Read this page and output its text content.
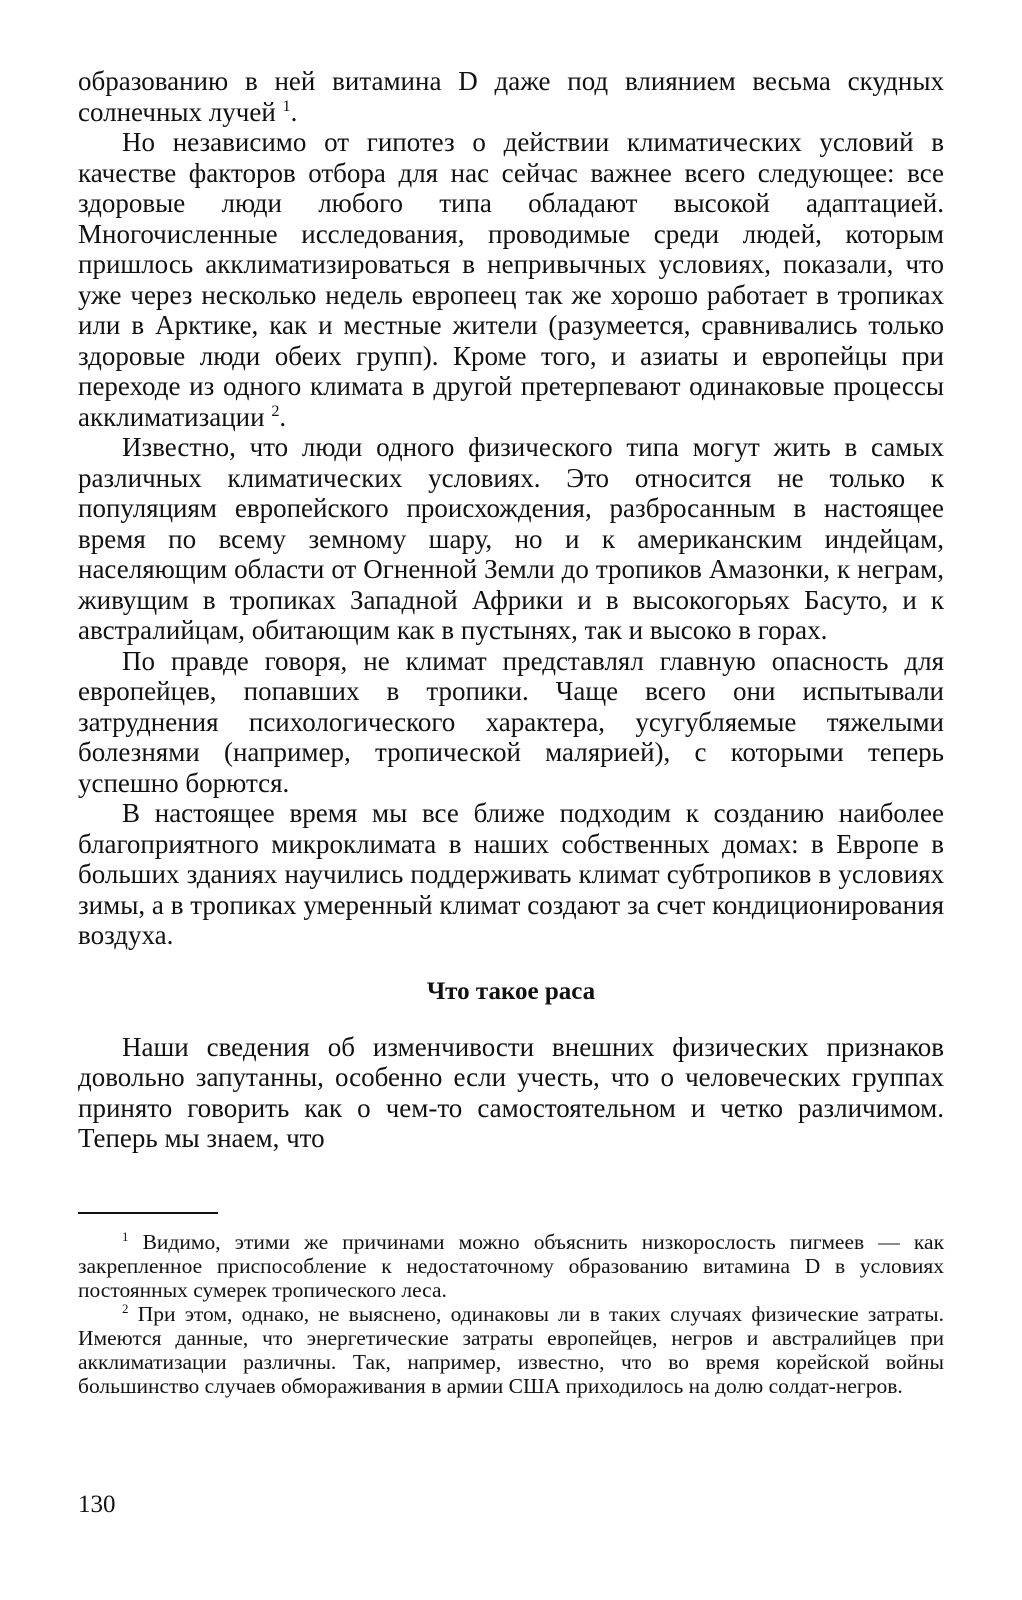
образованию в ней витамина D даже под влиянием весьма скудных солнечных лучей $^1$.

Но независимо от гипотез о действии климатических условий в качестве факторов отбора для нас сейчас важнее всего следующее: все здоровые люди любого типа обладают высокой адаптацией. Многочисленные исследования, проводимые среди людей, которым пришлось акклиматизироваться в непривычных условиях, показали, что уже через несколько недель европеец так же хорошо работает в тропиках или в Арктике, как и местные жители (разумеется, сравнивались только здоровые люди обеих групп). Кроме того, и азиаты и европейцы при переходе из одного климата в другой претерпевают одинаковые процессы акклиматизации $^2$.

Известно, что люди одного физического типа могут жить в самых различных климатических условиях. Это относится не только к популяциям европейского происхождения, разбросанным в настоящее время по всему земному шару, но и к американским индейцам, населяющим области от Огненной Земли до тропиков Амазонки, к неграм, живущим в тропиках Западной Африки и в высокогорьях Басуто, и к австралийцам, обитающим как в пустынях, так и высоко в горах.

По правде говоря, не климат представлял главную опасность для европейцев, попавших в тропики. Чаще всего они испытывали затруднения психологического характера, усугубляемые тяжелыми болезнями (например, тропической малярией), с которыми теперь успешно борются.

В настоящее время мы все ближе подходим к созданию наиболее благоприятного микроклимата в наших собственных домах: в Европе в больших зданиях научились поддерживать климат субтропиков в условиях зимы, а в тропиках умеренный климат создают за счет кондиционирования воздуха.

Что такое раса

Наши сведения об изменчивости внешних физических признаков довольно запутанны, особенно если учесть, что о человеческих группах принято говорить как о чем-то самостоятельном и четко различимом. Теперь мы знаем, что

$^1$ Видимо, этими же причинами можно объяснить низкорослость пигмеев — как закрепленное приспособление к недостаточному образованию витамина D в условиях постоянных сумерек тропического леса.

$^2$ При этом, однако, не выяснено, одинаковы ли в таких случаях физические затраты. Имеются данные, что энергетические затраты европейцев, негров и австралийцев при акклиматизации различны. Так, например, известно, что во время корейской войны большинство случаев обмораживания в армии США приходилось на долю солдат-негров.

130
